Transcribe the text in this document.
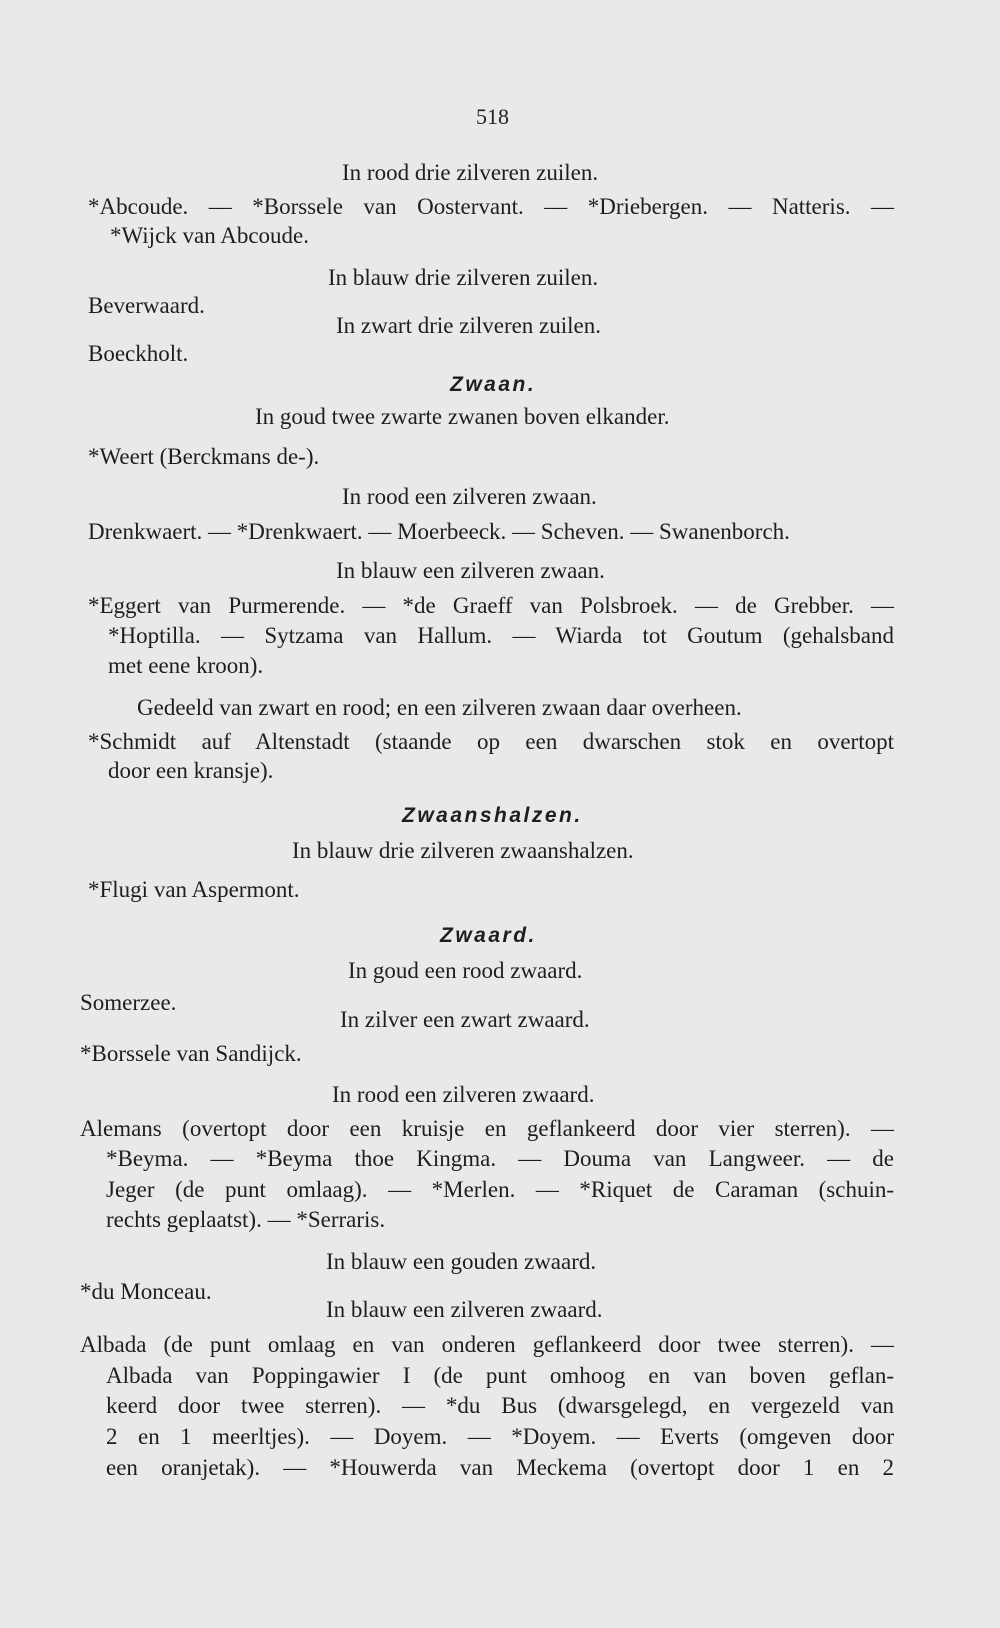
518
In rood drie zilveren zuilen.
*Abcoude. — *Borssele van Oostervant. — *Driebergen. — Natteris. —
*Wijck van Abcoude.
In blauw drie zilveren zuilen.
Beverwaard.
In zwart drie zilveren zuilen.
Boeckholt.
Zwaan.
In goud twee zwarte zwanen boven elkander.
*Weert (Berckmans de-).
In rood een zilveren zwaan.
Drenkwaert. — *Drenkwaert. — Moerbeeck. — Scheven. — Swanenborch.
In blauw een zilveren zwaan.
*Eggert van Purmerende. — *de Graeff van Polsbroek. — de Grebber. —
*Hoptilla. — Sytzama van Hallum. — Wiarda tot Goutum (gehalsband
met eene kroon).
Gedeeld van zwart en rood; en een zilveren zwaan daar overheen.
*Schmidt auf Altenstadt (staande op een dwarschen stok en overtopt
door een kransje).
Zwaanshalzen.
In blauw drie zilveren zwaanshalzen.
*Flugi van Aspermont.
Zwaard.
In goud een rood zwaard.
Somerzee.
In zilver een zwart zwaard.
*Borssele van Sandijck.
In rood een zilveren zwaard.
Alemans (overtopt door een kruisje en geflankeerd door vier sterren). —
*Beyma. — *Beyma thoe Kingma. — Douma van Langweer. — de
Jeger (de punt omlaag). — *Merlen. — *Riquet de Caraman (schuin-
rechts geplaatst). — *Serraris.
In blauw een gouden zwaard.
*du Monceau.
In blauw een zilveren zwaard.
Albada (de punt omlaag en van onderen geflankeerd door twee sterren). —
Albada van Poppingawier I (de punt omhoog en van boven geflan-
keerd door twee sterren). — *du Bus (dwarsgelegd, en vergezeld van
2 en 1 meerltjes). — Doyem. — *Doyem. — Everts (omgeven door
een oranjetak). — *Houwerda van Meckema (overtopt door 1 en 2
